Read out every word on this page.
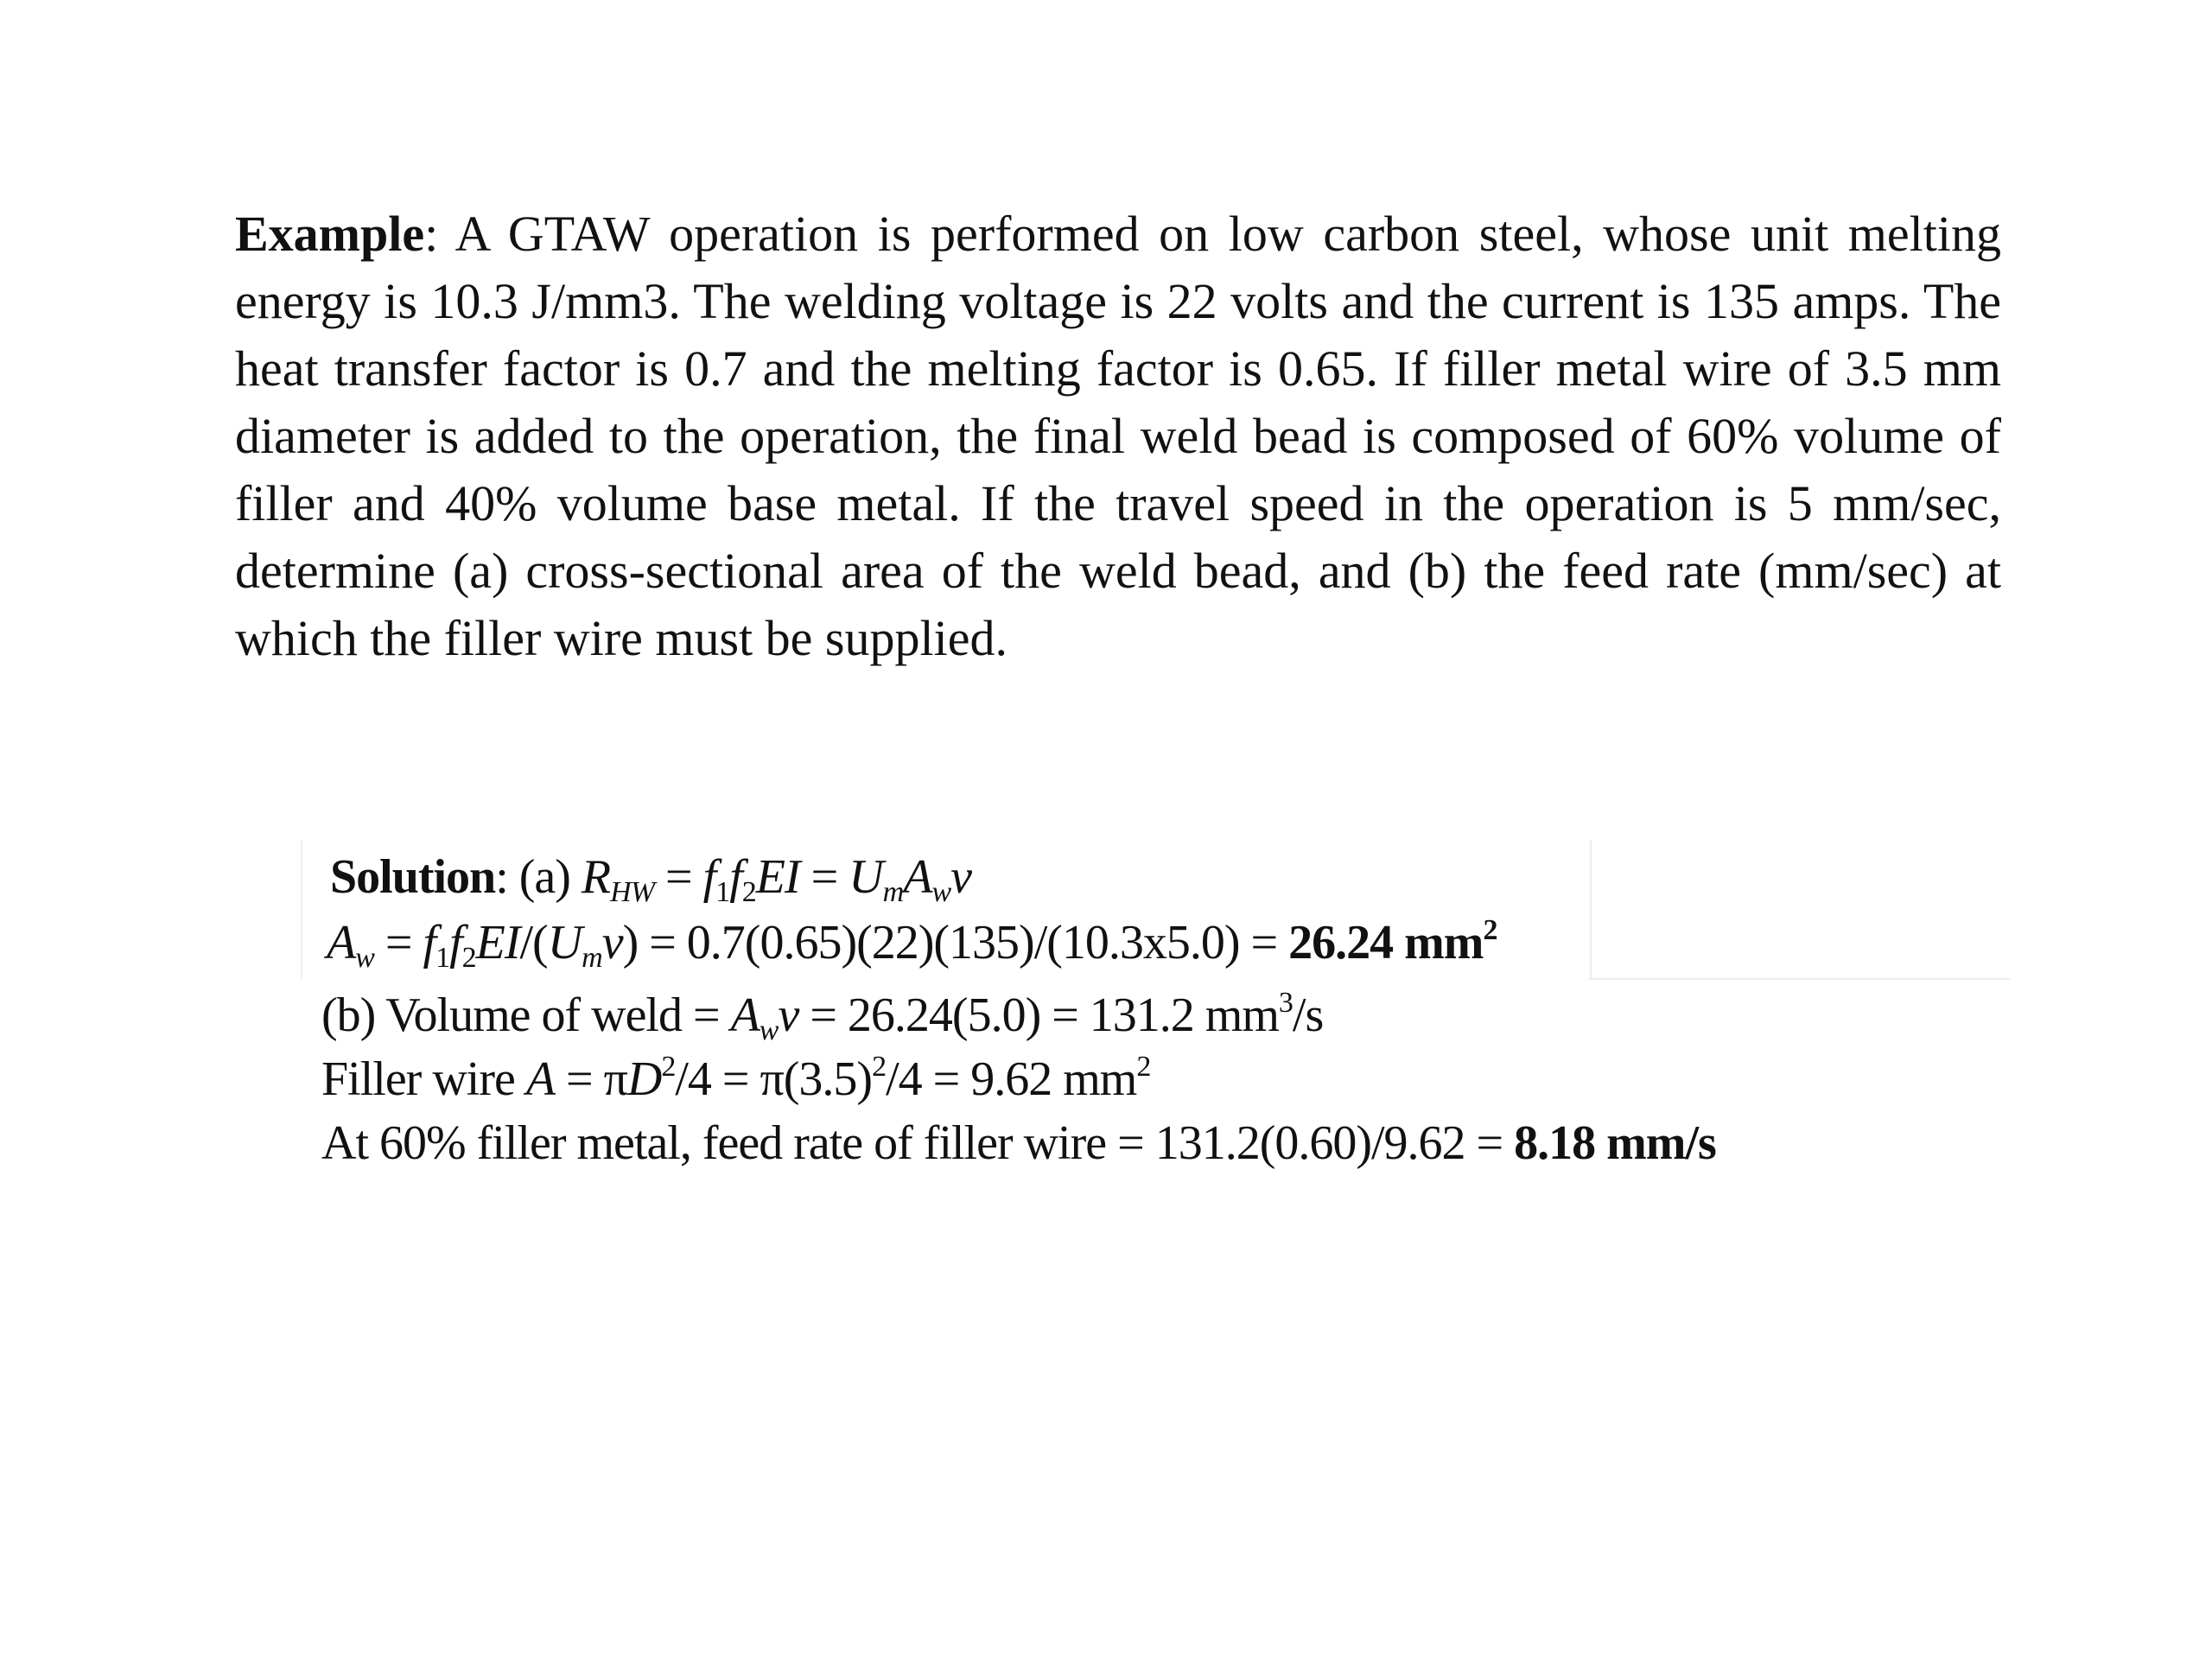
Example: A GTAW operation is performed on low carbon steel, whose unit melting energy is 10.3 J/mm3. The welding voltage is 22 volts and the current is 135 amps. The heat transfer factor is 0.7 and the melting factor is 0.65. If filler metal wire of 3.5 mm diameter is added to the operation, the final weld bead is composed of 60% volume of filler and 40% volume base metal. If the travel speed in the operation is 5 mm/sec, determine (a) cross-sectional area of the weld bead, and (b) the feed rate (mm/sec) at which the filler wire must be supplied.
Solution: (a) $R_{HW} = f_1f_2EI = U_mA_wv$
$A_w = f_1f_2EI/(U_mv) = 0.7(0.65)(22)(135)/(10.3x5.0) = 26.24$ $mm^2$
(b) Volume of weld = $A_wv = 26.24(5.0) = 131.2$ $mm^3/s$
Filler wire $A = \pi D^2/4 = \pi(3.5)^2/4 = 9.62$ $mm^2$
At 60% filler metal, feed rate of filler wire = 131.2(0.60)/9.62 = 8.18 mm/s
